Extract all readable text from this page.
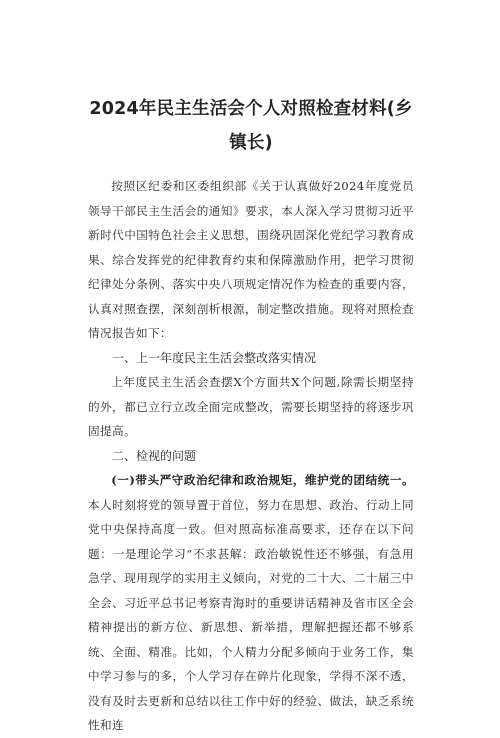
2024年民主生活会个人对照检查材料(乡镇长)

按照区纪委和区委组织部《关于认真做好2024年度党员领导干部民主生活会的通知》要求，本人深入学习贯彻习近平新时代中国特色社会主义思想，围绕巩固深化党纪学习教育成果、综合发挥党的纪律教育约束和保障激励作用，把学习贯彻纪律处分条例、落实中央八项规定情况作为检查的重要内容，认真对照查摆，深刻剖析根源，制定整改措施。现将对照检查情况报告如下：

一、上一年度民主生活会整改落实情况

上年度民主生活会查摆X个方面共X个问题,除需长期坚持的外，都已立行立改全面完成整改，需要长期坚持的将逐步巩固提高。

二、检视的问题

(一)带头严守政治纪律和政治规矩，维护党的团结统一。本人时刻将党的领导置于首位，努力在思想、政治、行动上同党中央保持高度一致。但对照高标准高要求，还存在以下问题：一是理论学习“不求甚解：政治敏锐性还不够强，有急用急学、现用现学的实用主义倾向，对党的二十大、二十届三中全会、习近平总书记考察青海时的重要讲话精神及省市区全会精神提出的新方位、新思想、新举措，理解把握还都不够系统、全面、精准。比如，个人精力分配多倾向于业务工作，集中学习参与的多，个人学习存在碎片化现象，学得不深不透，没有及时去更新和总结以往工作中好的经验、做法，缺乏系统性和连
